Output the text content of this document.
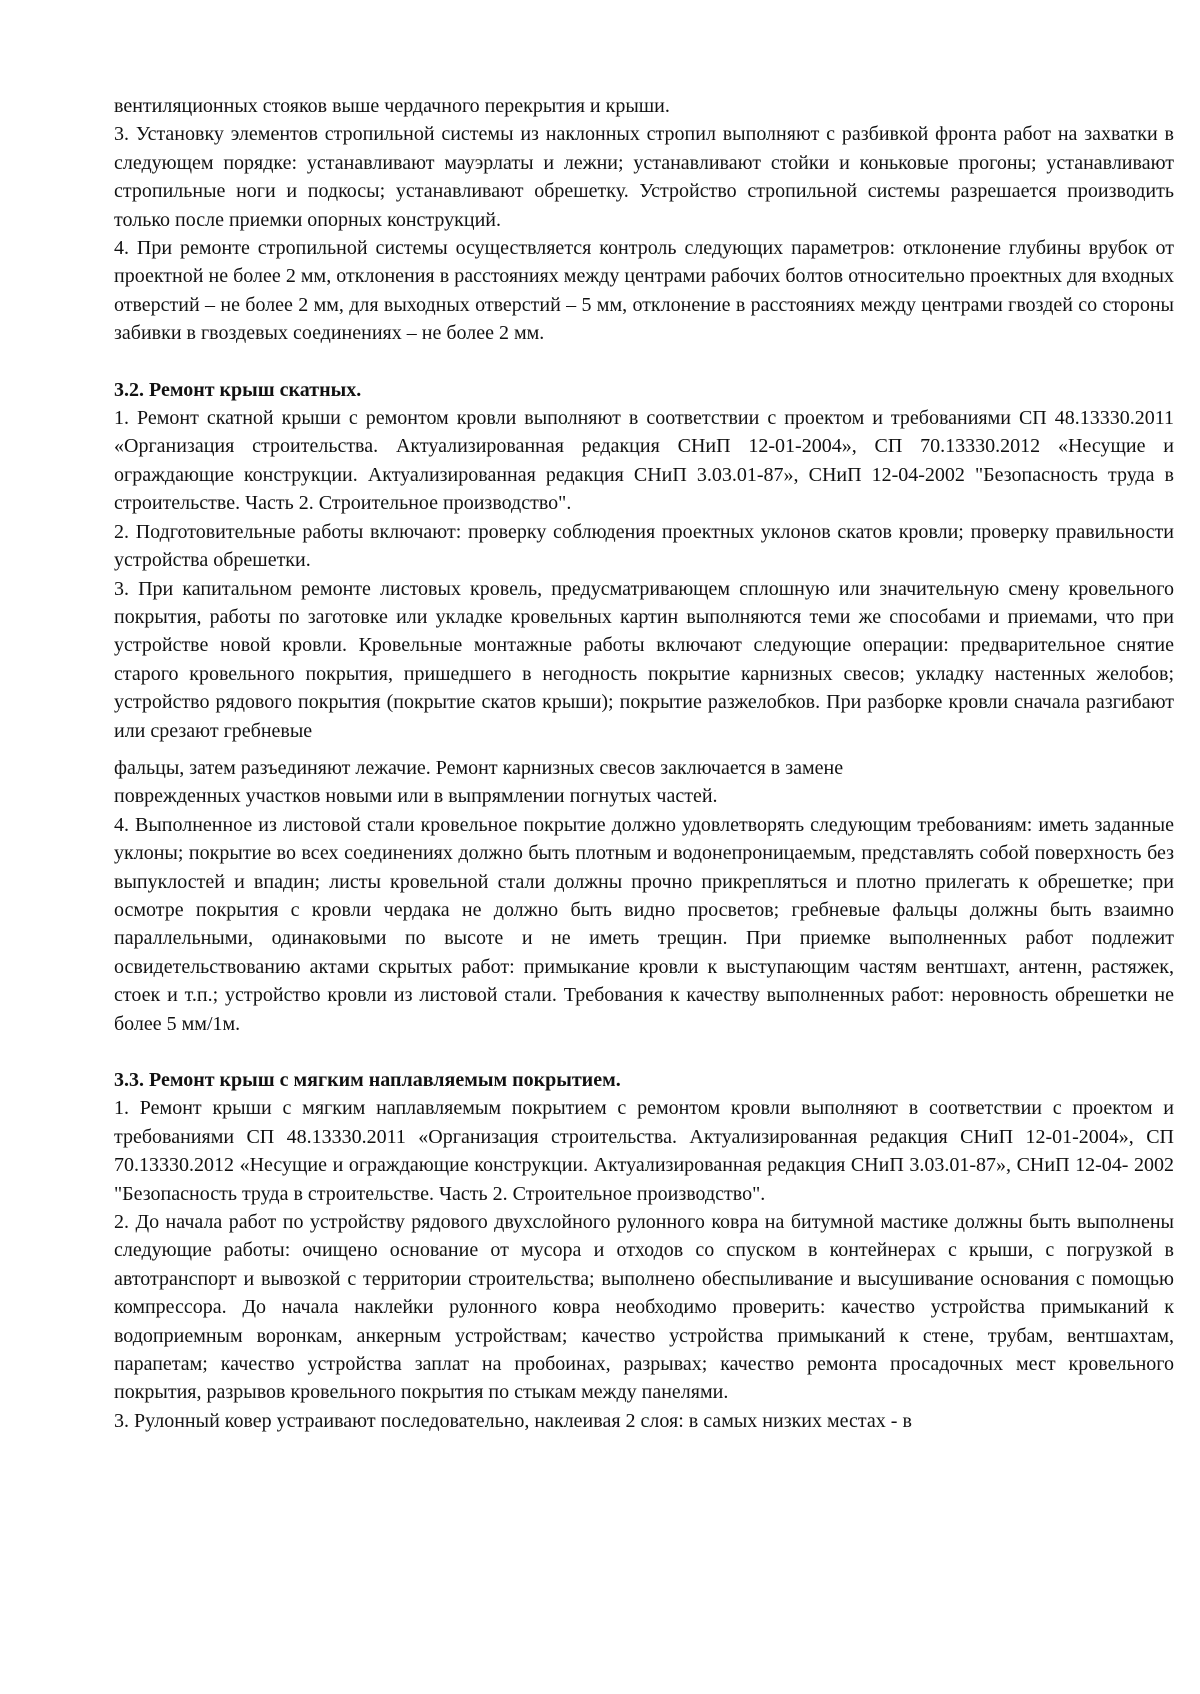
вентиляционных стояков выше чердачного перекрытия и крыши.

3. Установку элементов стропильной системы из наклонных стропил выполняют с разбивкой фронта работ на захватки в следующем порядке: устанавливают мауэрлаты и лежни; устанавливают стойки и коньковые прогоны; устанавливают стропильные ноги и подкосы; устанавливают обрешетку. Устройство стропильной системы разрешается производить только после приемки опорных конструкций.

4. При ремонте стропильной системы осуществляется контроль следующих параметров: отклонение глубины врубок от проектной не более 2 мм, отклонения в расстояниях между центрами рабочих болтов относительно проектных для входных отверстий – не более 2 мм, для выходных отверстий – 5 мм, отклонение в расстояниях между центрами гвоздей со стороны забивки в гвоздевых соединениях – не более 2 мм.

3.2. Ремонт крыш скатных.

1. Ремонт скатной крыши с ремонтом кровли выполняют в соответствии с проектом и требованиями СП 48.13330.2011 «Организация строительства. Актуализированная редакция СНиП 12-01-2004», СП 70.13330.2012 «Несущие и ограждающие конструкции. Актуализированная редакция СНиП 3.03.01-87», СНиП 12-04-2002 "Безопасность труда в строительстве. Часть 2. Строительное производство".

2. Подготовительные работы включают: проверку соблюдения проектных уклонов скатов кровли; проверку правильности устройства обрешетки.

3. При капитальном ремонте листовых кровель, предусматривающем сплошную или значительную смену кровельного покрытия, работы по заготовке или укладке кровельных картин выполняются теми же способами и приемами, что при устройстве новой кровли. Кровельные монтажные работы включают следующие операции: предварительное снятие старого кровельного покрытия, пришедшего в негодность покрытие карнизных свесов; укладку настенных желобов; устройство рядового покрытия (покрытие скатов крыши); покрытие разжелобков. При разборке кровли сначала разгибают или срезают гребневые

фальцы, затем разъединяют лежачие. Ремонт карнизных свесов заключается в замене

поврежденных участков новыми или в выпрямлении погнутых частей.

4. Выполненное из листовой стали кровельное покрытие должно удовлетворять следующим требованиям: иметь заданные уклоны; покрытие во всех соединениях должно быть плотным и водонепроницаемым, представлять собой поверхность без выпуклостей и впадин; листы кровельной стали должны прочно прикрепляться и плотно прилегать к обрешетке; при осмотре покрытия с кровли чердака не должно быть видно просветов; гребневые фальцы должны быть взаимно параллельными, одинаковыми по высоте и не иметь трещин. При приемке выполненных работ подлежит освидетельствованию актами скрытых работ: примыкание кровли к выступающим частям вентшахт, антенн, растяжек, стоек и т.п.; устройство кровли из листовой стали. Требования к качеству выполненных работ: неровность обрешетки не более 5 мм/1м.

3.3. Ремонт крыш с мягким наплавляемым покрытием.

1. Ремонт крыши с мягким наплавляемым покрытием с ремонтом кровли выполняют в соответствии с проектом и требованиями СП 48.13330.2011 «Организация строительства. Актуализированная редакция СНиП 12-01-2004», СП 70.13330.2012 «Несущие и ограждающие конструкции. Актуализированная редакция СНиП 3.03.01-87», СНиП 12-04- 2002 "Безопасность труда в строительстве. Часть 2. Строительное производство".

2. До начала работ по устройству рядового двухслойного рулонного ковра на битумной мастике должны быть выполнены следующие работы: очищено основание от мусора и отходов со спуском в контейнерах с крыши, с погрузкой в автотранспорт и вывозкой с территории строительства; выполнено обеспыливание и высушивание основания с помощью компрессора. До начала наклейки рулонного ковра необходимо проверить: качество устройства примыканий к водоприемным воронкам, анкерным устройствам; качество устройства примыканий к стене, трубам, вентшахтам, парапетам; качество устройства заплат на пробоинах, разрывах; качество ремонта просадочных мест кровельного покрытия, разрывов кровельного покрытия по стыкам между панелями.

3. Рулонный ковер устраивают последовательно, наклеивая 2 слоя: в самых низких местах - в
